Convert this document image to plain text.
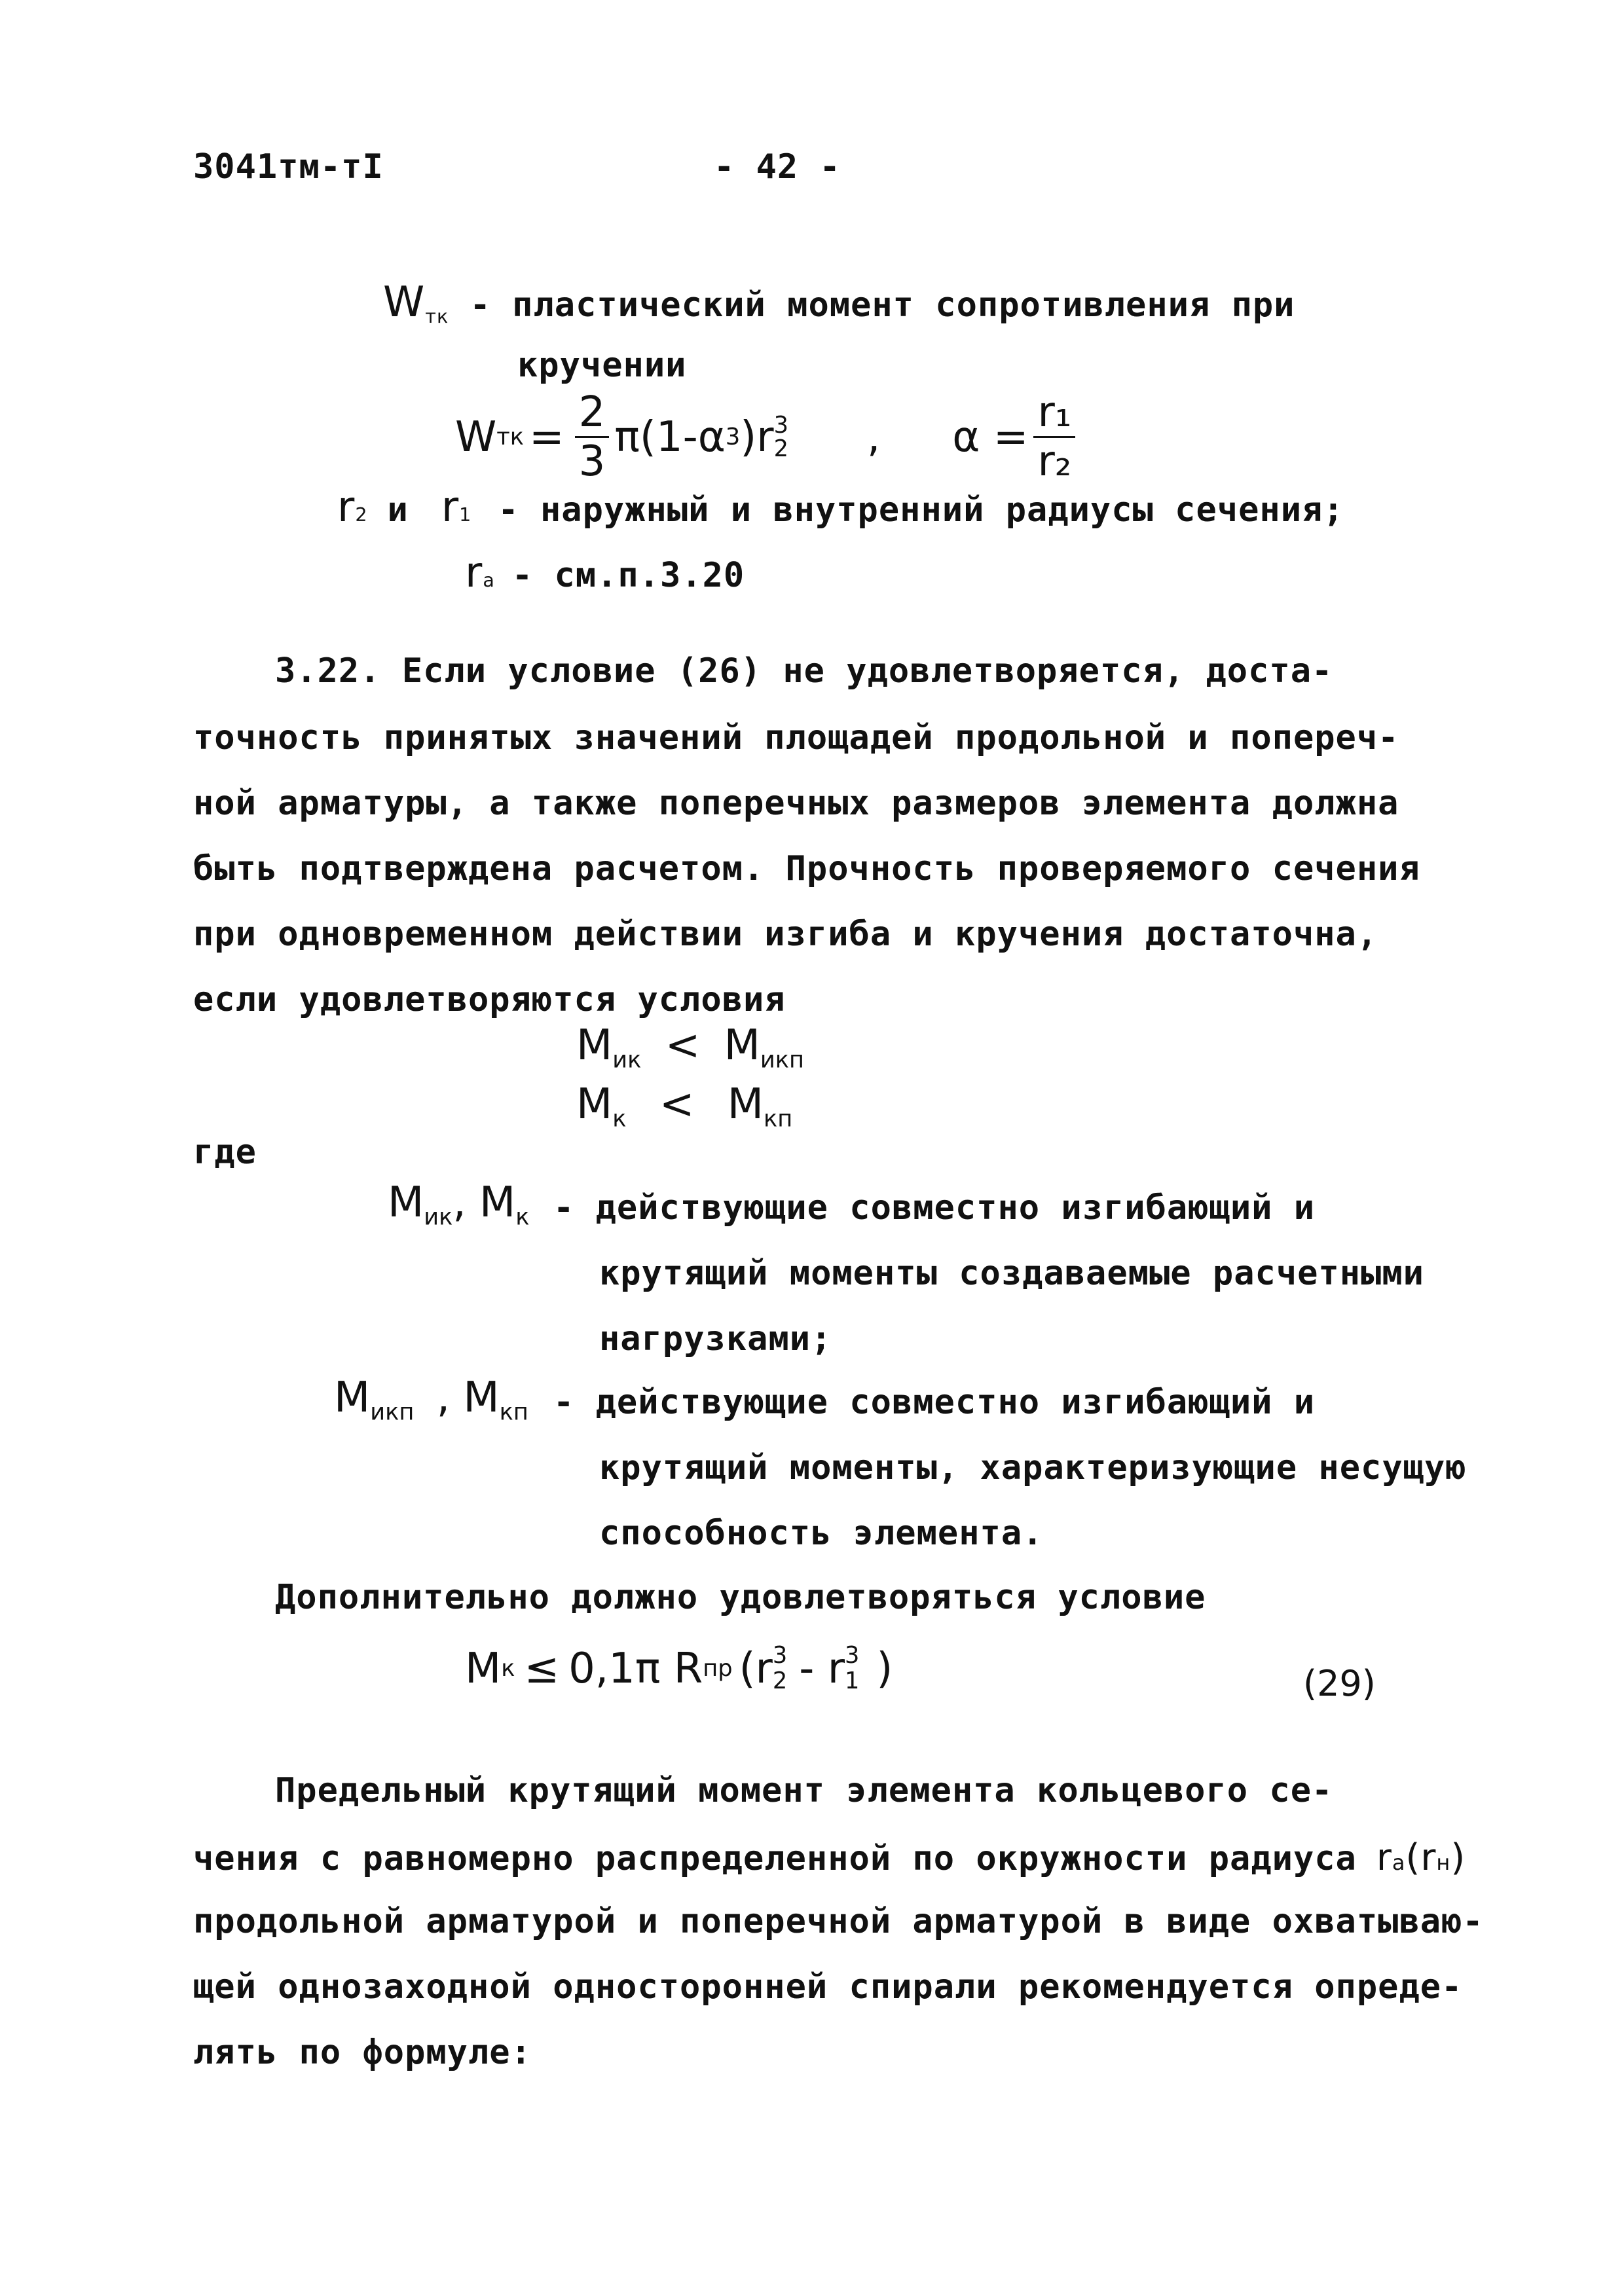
3041тм-тI	- 42 -
$W_{тк}$ - пластический момент сопротивления при
кручении
W тк = $\frac{2}{3} \pi(1-\alpha$ 3 )r 3
2 , $\alpha = \frac{\text{r₁}}{\text{r₂}}$
r 2 и r 1 - наружный и внутренний радиусы сечения;
r a - см.п.3.20
3.22. Если условие (26) не удовлетворяется, доста-
точность принятых значений площадей продольной и попереч-
ной арматуры, а также поперечных размеров элемента должна
быть подтверждена расчетом. Прочность проверяемого сечения
при одновременном действии изгиба и кручения достаточна,
если удовлетворяются условия
$M_{ик} < M_{икп}$
$M_к < M_{кп}$
где
$M_{ик}$, $M_к$ - действующие совместно изгибающий и
крутящий моменты создаваемые расчетными
нагрузками;
$M_{икп}$ , $M_{кп}$ - действующие совместно изгибающий и
крутящий моменты, характеризующие несущую
способность элемента.
Дополнительно должно удовлетворяться условие
M к ≤ 0,1π R пр (r 3
2 - r 3
1 )	(29)
Предельный крутящий момент элемента кольцевого се-
чения с равномерно распределенной по окружности радиуса r a (r н )
продольной арматурой и поперечной арматурой в виде охватываю-
щей однозаходной односторонней спирали рекомендуется опреде-
лять по формуле:
